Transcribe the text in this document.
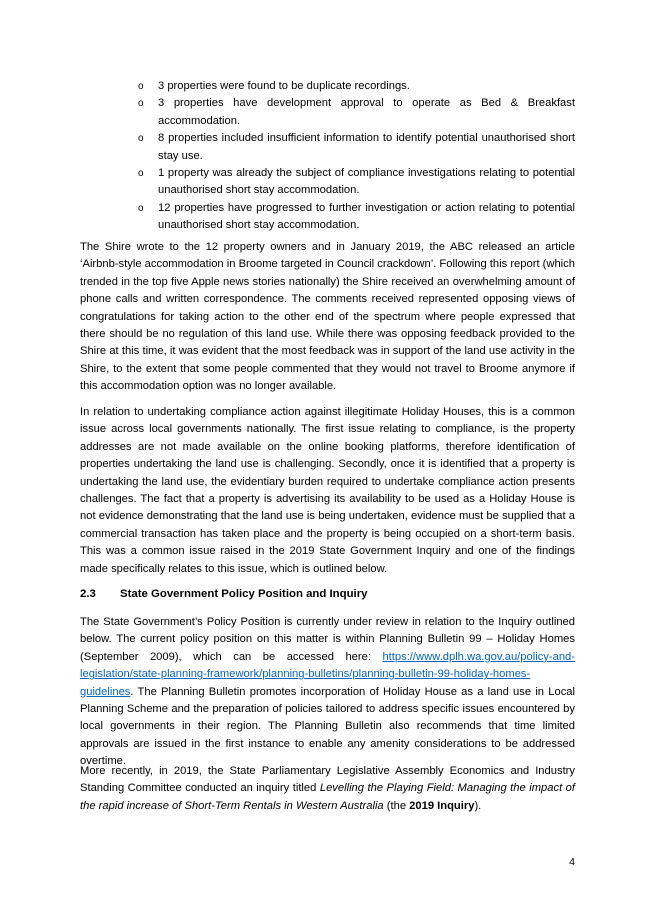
o 3 properties were found to be duplicate recordings.
o 3 properties have development approval to operate as Bed & Breakfast accommodation.
o 8 properties included insufficient information to identify potential unauthorised short stay use.
o 1 property was already the subject of compliance investigations relating to potential unauthorised short stay accommodation.
o 12 properties have progressed to further investigation or action relating to potential unauthorised short stay accommodation.

The Shire wrote to the 12 property owners and in January 2019, the ABC released an article ‘Airbnb-style accommodation in Broome targeted in Council crackdown’. Following this report (which trended in the top five Apple news stories nationally) the Shire received an overwhelming amount of phone calls and written correspondence. The comments received represented opposing views of congratulations for taking action to the other end of the spectrum where people expressed that there should be no regulation of this land use. While there was opposing feedback provided to the Shire at this time, it was evident that the most feedback was in support of the land use activity in the Shire, to the extent that some people commented that they would not travel to Broome anymore if this accommodation option was no longer available.

In relation to undertaking compliance action against illegitimate Holiday Houses, this is a common issue across local governments nationally. The first issue relating to compliance, is the property addresses are not made available on the online booking platforms, therefore identification of properties undertaking the land use is challenging. Secondly, once it is identified that a property is undertaking the land use, the evidentiary burden required to undertake compliance action presents challenges. The fact that a property is advertising its availability to be used as a Holiday House is not evidence demonstrating that the land use is being undertaken, evidence must be supplied that a commercial transaction has taken place and the property is being occupied on a short-term basis. This was a common issue raised in the 2019 State Government Inquiry and one of the findings made specifically relates to this issue, which is outlined below.

2.3 State Government Policy Position and Inquiry

The State Government’s Policy Position is currently under review in relation to the Inquiry outlined below. The current policy position on this matter is within Planning Bulletin 99 – Holiday Homes (September 2009), which can be accessed here: https://www.dplh.wa.gov.au/policy-and-legislation/state-planning-framework/planning-bulletins/planning-bulletin-99-holiday-homes-guidelines. The Planning Bulletin promotes incorporation of Holiday House as a land use in Local Planning Scheme and the preparation of policies tailored to address specific issues encountered by local governments in their region. The Planning Bulletin also recommends that time limited approvals are issued in the first instance to enable any amenity considerations to be addressed overtime.

More recently, in 2019, the State Parliamentary Legislative Assembly Economics and Industry Standing Committee conducted an inquiry titled Levelling the Playing Field: Managing the impact of the rapid increase of Short-Term Rentals in Western Australia (the 2019 Inquiry).

4
